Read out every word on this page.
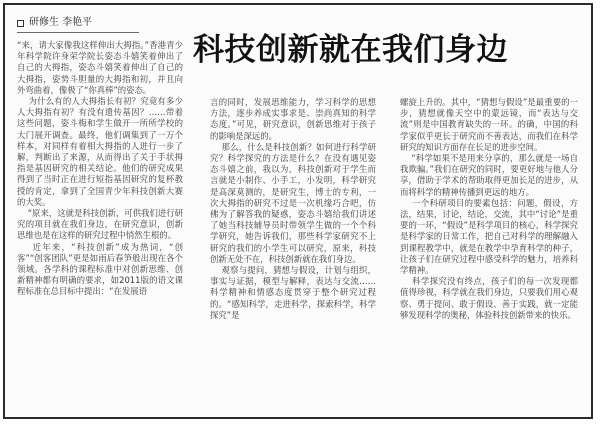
研修生 李艳平
科技创新就在我们身边
“来，请大家像我这样伸出大拇指。”香港青少年科学院许身荣学院长姿态斗嬉笑着伸出了自己的大拇指，姿态斗嬉笑着伸出了自己的大拇指，姿势斗胆量的大拇指和初，并且向外弯曲着，像极了“你真棒”的姿态。
为什么有的人大拇指长有初？究竟有多少人大拇指有初？有没有遗传基因？……带着这些问题，姿斗梅和学生做开一所所学校的大门展开调查。最终，他们调集到了一万个样本，对同样有着相大拇指的人进行一步了解，判断出了来源，从而得出了关于手状拇指是基因研究的相关结论。他们的研究成果得到了当时正在进行短指基因研究的复杯教授的肯定，拿到了全国青少年科技创新大赛的大奖。
“原来，这就是科技创新，可供我们进行研究的项目就在我们身边，在研究意识，创新思维也是在这样的研究过程中悄然生根的。
近年来，“科技创新”成为热词，“创客”“创客团队”更是如雨后春笋般出现在各个领域。各学科的课程标准中对创新思维、创新精神都有明确的要求，如2011版的语文课程标准在总目标中提出：“在发展语
言的同时，发展思维能力，学习科学的思想方法，逐步养成实事求是、崇尚真知的科学态度。”可见，研究意识，创新思维对于孩子的影响是深远的。
那么，什么是科技创新？如何进行科学研究？科学探究的方法是什么？在没有遇见姿态斗嬉之前，我以为，科技创新对于学生而言就是小制作、小手工，小发明，科学研究是高深莫测的，是研究生，博士的专利，一次大拇指的研究不过是一次机缘巧合吧，仿佛为了解答我的疑惑，姿态斗嬉给我们讲述了她当科技辅导员时带领学生做的一个个科学研究，她告诉我们，那些科学家研究不上研究的我们的小学生可以研究，原来，科技创新无处不在，科技创新就在我们身边。
观察与提问，猜想与假设，计划与组织，事实与证据，模型与解释，表达与交流……科学精神和情感态度贯穿于整个研究过程的。“感知科学，走进科学，探索科学，科学探究”是
螺旋上升的。其中，“猜想与假设”是最重要的一步，猜想就像天空中的蒙远镜，而“表达与交流”则是中国教育缺失的一环。的确，中国的科学家似乎更长于研究而不善表达，而我们在科学研究的知识方面存在长足的进步空间。
“科学如果不是用来分享的，那么就是一场自我欺骗。”我们在研究的同时，要更好地与他人分享，借助于学术的帮助取得更加长足的进步，从而将科学的精神传播到更远的地方。
一个科研项目的要素包括：问题，假设，方法，结果，讨论，结论，交流，其中“讨论”是重要的一环，“假设”是科学项目的核心，科学探究是科学家的日常工作，把自己对科学的理解融入到课程教学中，就是在教学中孕育科学的种子，让孩子们在研究过程中感受科学的魅力，培养科学精神。
科学探究没有终点，孩子们的每一次发现都值得珍视，科学就在我们身边，只要我们用心观察、勇于提问、敢于假设、善于实践，就一定能够发现科学的奥秘，体验科技创新带来的快乐。
